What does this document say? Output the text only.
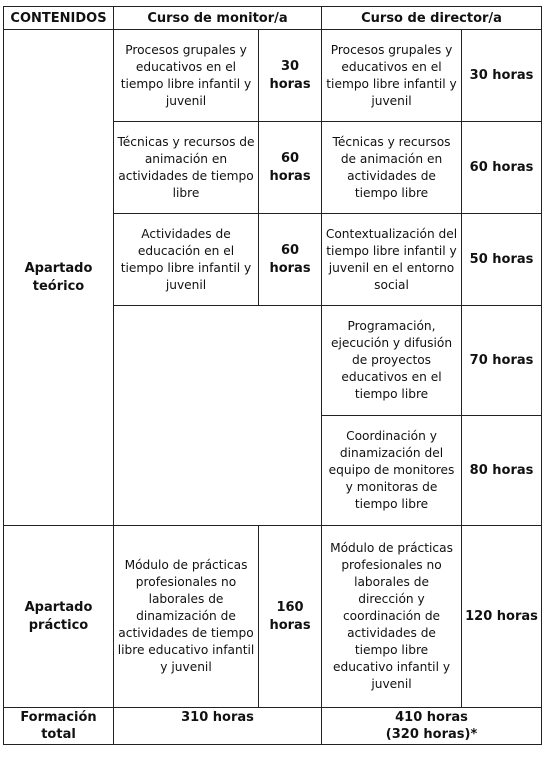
CONTENIDOS	Curso de monitor/a		Curso de director/a	
Apartado teórico	Procesos grupales y educativos en el tiempo libre infantil y juvenil	30 horas	Procesos grupales y educativos en el tiempo libre infantil y juvenil	30 horas
	Técnicas y recursos de animación en actividades de tiempo libre	60 horas	Técnicas y recursos de animación en actividades de tiempo libre	60 horas
	Actividades de educación en el tiempo libre infantil y juvenil	60 horas	Contextualización del tiempo libre infantil y juvenil en el entorno social	50 horas
			Programación, ejecución y difusión de proyectos educativos en el tiempo libre	70 horas
			Coordinación y dinamización del equipo de monitores y monitoras de tiempo libre	80 horas
Apartado práctico	Módulo de prácticas profesionales no laborales de dinamización de actividades de tiempo libre educativo infantil y juvenil	160 horas	Módulo de prácticas profesionales no laborales de dirección y coordinación de actividades de tiempo libre educativo infantil y juvenil	120 horas
Formación total	310 horas		410 horas
(320 horas)*	
